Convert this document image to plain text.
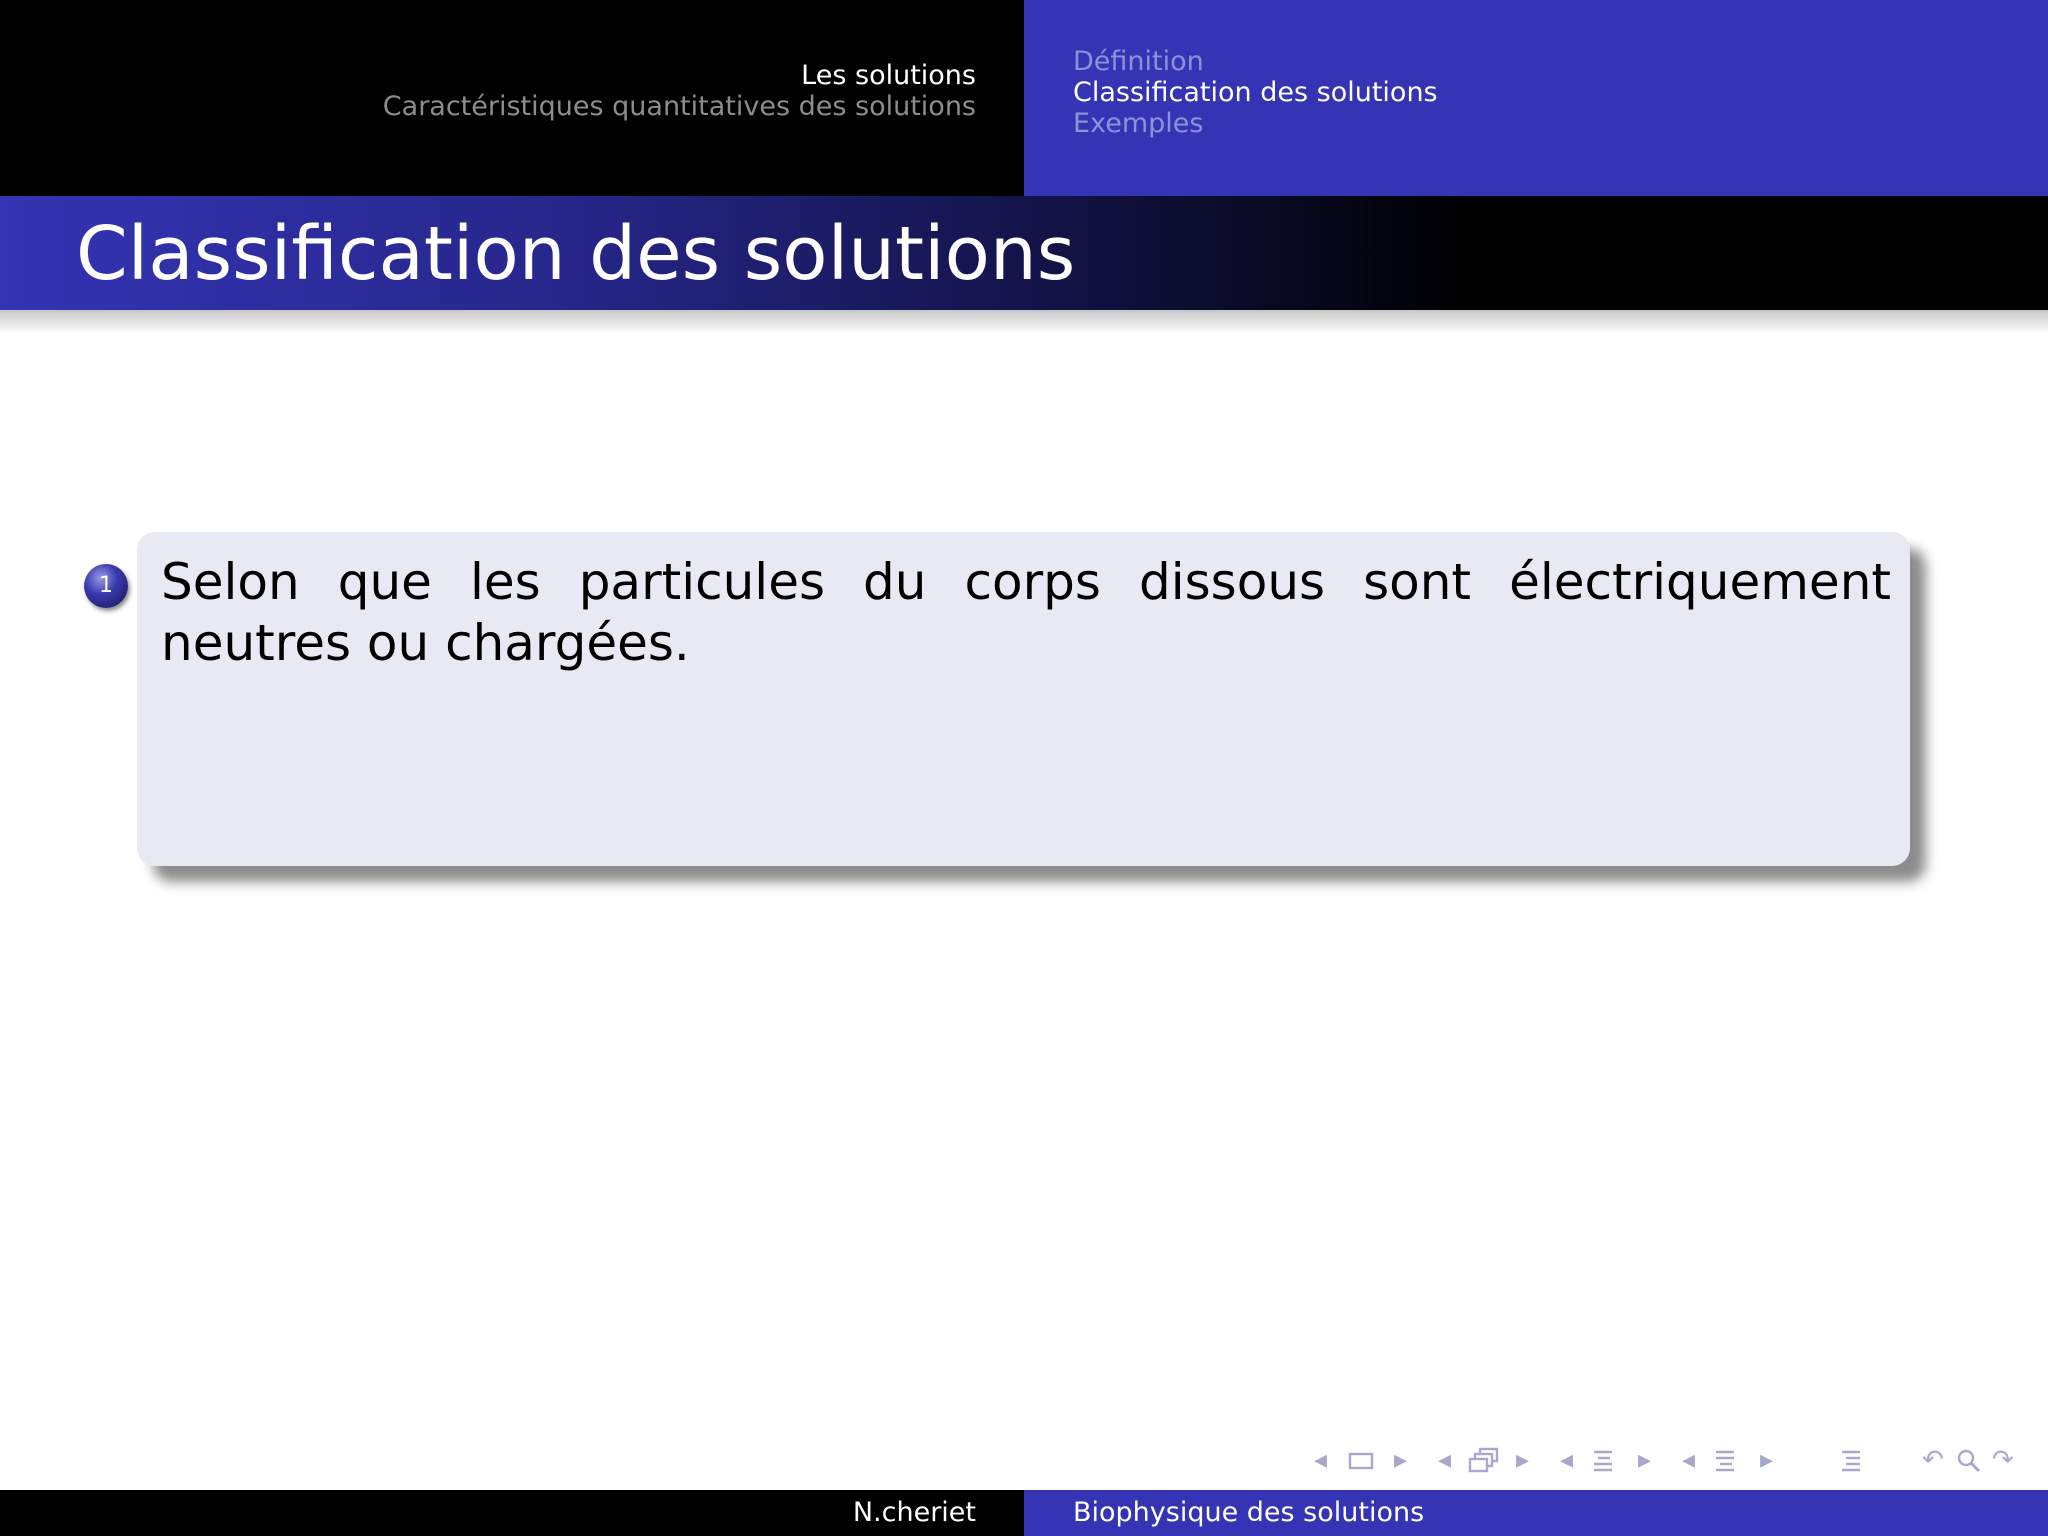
Les solutions
Caractéristiques quantitatives des solutions
Définition
Classification des solutions
Exemples
Classification des solutions
1 Selon que les particules du corps dissous sont électriquement neutres ou chargées.
◂	▸ ◂ ▸ ◂ ▸ ◂ ▸	↶ ↷
N.cheriet	Biophysique des solutions
